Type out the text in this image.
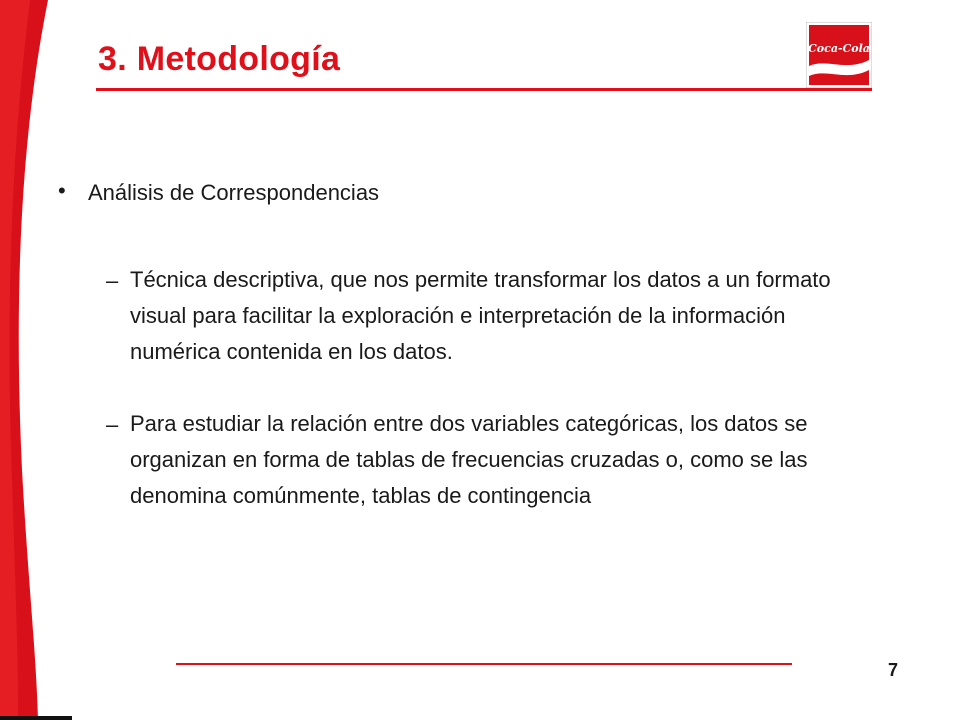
3. Metodología	Coca-Cola
• Análisis de Correspondencias
– Técnica descriptiva, que nos permite transformar los datos a un formato visual para facilitar la exploración e interpretación de la información numérica contenida en los datos.
– Para estudiar la relación entre dos variables categóricas, los datos se organizan en forma de tablas de frecuencias cruzadas o, como se las denomina comúnmente, tablas de contingencia
7
